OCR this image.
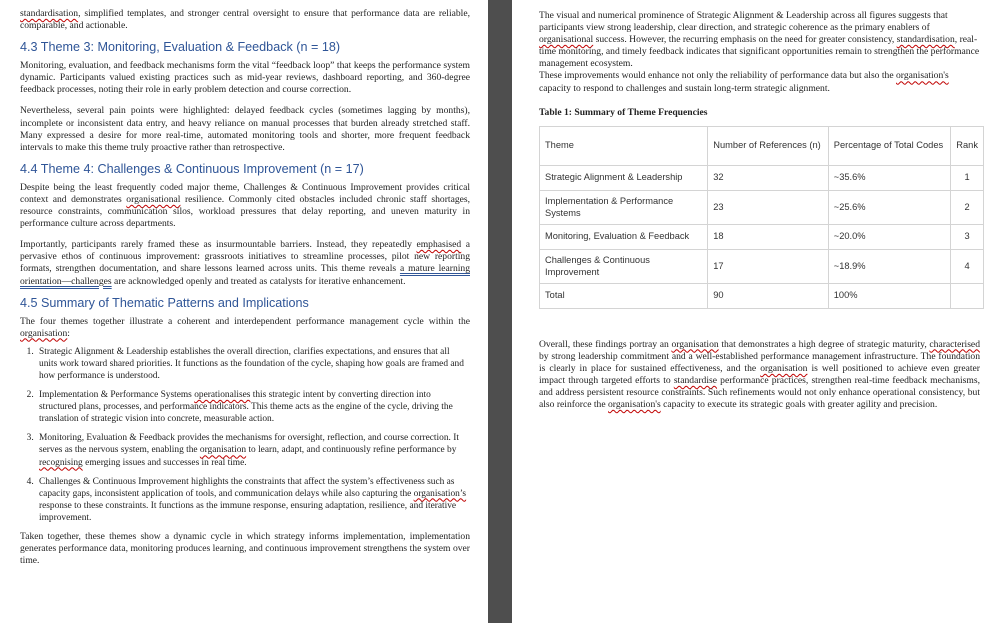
standardisation, simplified templates, and stronger central oversight to ensure that performance data are reliable, comparable, and actionable.

4.3 Theme 3: Monitoring, Evaluation & Feedback (n = 18)

Monitoring, evaluation, and feedback mechanisms form the vital “feedback loop” that keeps the performance system dynamic. Participants valued existing practices such as mid-year reviews, dashboard reporting, and 360-degree feedback processes, noting their role in early problem detection and course correction.

Nevertheless, several pain points were highlighted: delayed feedback cycles (sometimes lagging by months), incomplete or inconsistent data entry, and heavy reliance on manual processes that burden already stretched staff. Many expressed a desire for more real-time, automated monitoring tools and shorter, more frequent feedback intervals to make this theme truly proactive rather than retrospective.

4.4 Theme 4: Challenges & Continuous Improvement (n = 17)

Despite being the least frequently coded major theme, Challenges & Continuous Improvement provides critical context and demonstrates organisational resilience. Commonly cited obstacles included chronic staff shortages, resource constraints, communication silos, workload pressures that delay reporting, and uneven maturity in performance culture across departments.

Importantly, participants rarely framed these as insurmountable barriers. Instead, they repeatedly emphasised a pervasive ethos of continuous improvement: grassroots initiatives to streamline processes, pilot new reporting formats, strengthen documentation, and share lessons learned across units. This theme reveals a mature learning orientation—challenges are acknowledged openly and treated as catalysts for iterative enhancement.

4.5 Summary of Thematic Patterns and Implications

The four themes together illustrate a coherent and interdependent performance management cycle within the organisation:

1. Strategic Alignment & Leadership establishes the overall direction, clarifies expectations, and ensures that all units work toward shared priorities. It functions as the foundation of the cycle, shaping how goals are framed and how performance is understood.
2. Implementation & Performance Systems operationalises this strategic intent by converting direction into structured plans, processes, and performance indicators. This theme acts as the engine of the cycle, driving the translation of strategic vision into concrete, measurable action.
3. Monitoring, Evaluation & Feedback provides the mechanisms for oversight, reflection, and course correction. It serves as the nervous system, enabling the organisation to learn, adapt, and continuously refine performance by recognising emerging issues and successes in real time.
4. Challenges & Continuous Improvement highlights the constraints that affect the system’s effectiveness such as capacity gaps, inconsistent application of tools, and communication delays while also capturing the organisation’s response to these constraints. It functions as the immune response, ensuring adaptation, resilience, and iterative improvement.

Taken together, these themes show a dynamic cycle in which strategy informs implementation, implementation generates performance data, monitoring produces learning, and continuous improvement strengthens the system over time.

The visual and numerical prominence of Strategic Alignment & Leadership across all figures suggests that participants view strong leadership, clear direction, and strategic coherence as the primary enablers of organisational success. However, the recurring emphasis on the need for greater consistency, standardisation, real-time monitoring, and timely feedback indicates that significant opportunities remain to strengthen the performance management ecosystem.

These improvements would enhance not only the reliability of performance data but also the organisation's capacity to respond to challenges and sustain long-term strategic alignment.

Table 1: Summary of Theme Frequencies
Theme	Number of References (n)	Percentage of Total Codes	Rank
Strategic Alignment & Leadership	32	~35.6%	1
Implementation & Performance Systems	23	~25.6%	2
Monitoring, Evaluation & Feedback	18	~20.0%	3
Challenges & Continuous Improvement	17	~18.9%	4
Total	90	100%	

Overall, these findings portray an organisation that demonstrates a high degree of strategic maturity, characterised by strong leadership commitment and a well-established performance management infrastructure. The foundation is clearly in place for sustained effectiveness, and the organisation is well positioned to achieve even greater impact through targeted efforts to standardise performance practices, strengthen real-time feedback mechanisms, and address persistent resource constraints. Such refinements would not only enhance operational consistency, but also reinforce the organisation's capacity to execute its strategic goals with greater agility and precision.
